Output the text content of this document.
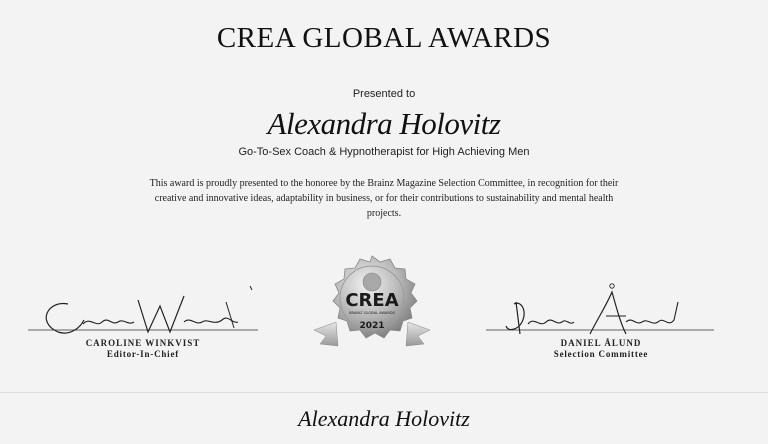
CREA GLOBAL AWARDS
Presented to
Alexandra Holovitz
Go-To-Sex Coach & Hypnotherapist for High Achieving Men
This award is proudly presented to the honoree by the Brainz Magazine Selection Committee, in recognition for their creative and innovative ideas, adaptability in business, or for their contributions to sustainability and mental health projects.
CAROLINE WINKVIST
Editor-In-Chief
CREA
BRAINZ GLOBAL AWARDS
2021
DANIEL ÅLUND
Selection Committee
Alexandra Holovitz
